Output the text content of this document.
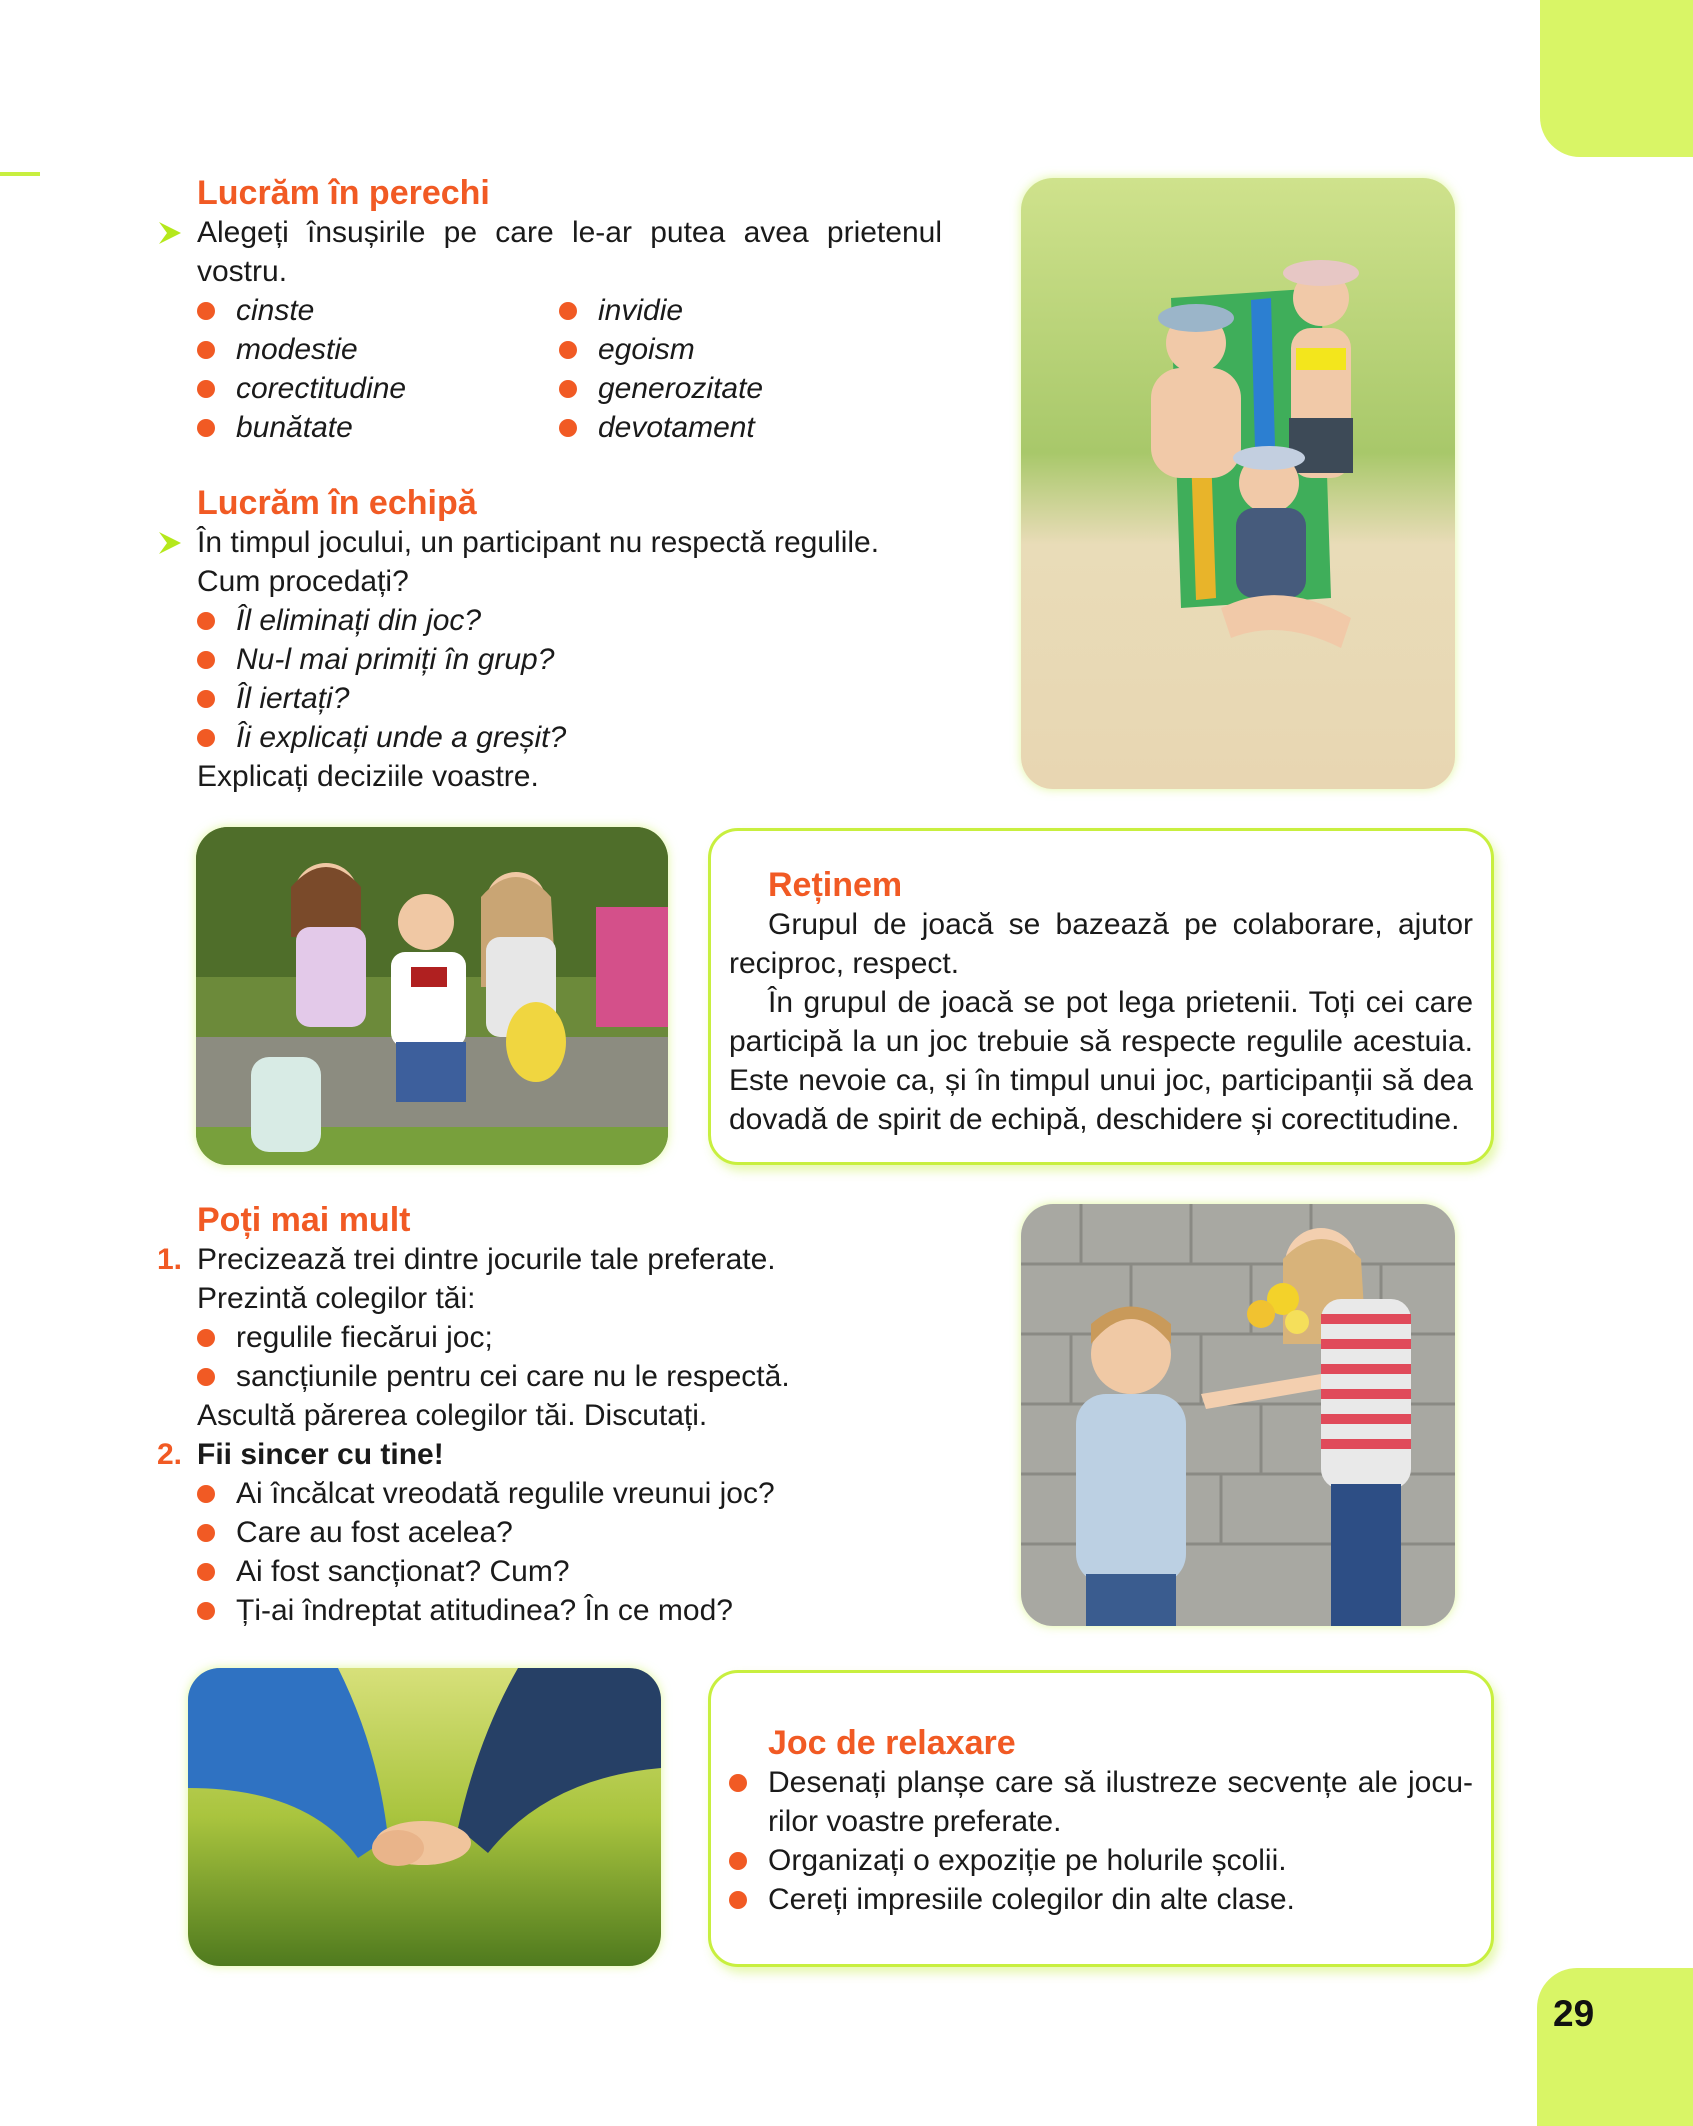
29
Lucrăm în perechi
Alegeți însușirile pe care le-ar putea avea prietenul
vostru.
cinste
modestie
corectitudine
bunătate
invidie
egoism
generozitate
devotament
Lucrăm în echipă
În timpul jocului, un participant nu respectă regulile.
Cum procedați?
Îl eliminați din joc?
Nu-l mai primiți în grup?
Îl iertați?
Îi explicați unde a greșit?
Explicați deciziile voastre.
Reținem
Grupul de joacă se bazează pe colaborare, ajutor
reciproc, respect.
În grupul de joacă se pot lega prietenii. Toți cei care
participă la un joc trebuie să respecte regulile acestuia.
Este nevoie ca, și în timpul unui joc, participanții să dea
dovadă de spirit de echipă, deschidere și corectitudine.
Poți mai mult
1. Precizează trei dintre jocurile tale preferate.
Prezintă colegilor tăi:
regulile fiecărui joc;
sancțiunile pentru cei care nu le respectă.
Ascultă părerea colegilor tăi. Discutați.
2. Fii sincer cu tine!
Ai încălcat vreodată regulile vreunui joc?
Care au fost acelea?
Ai fost sancționat? Cum?
Ți-ai îndreptat atitudinea? În ce mod?
Joc de relaxare
Desenați planșe care să ilustreze secvențe ale jocu-
rilor voastre preferate.
Organizați o expoziție pe holurile școlii.
Cereți impresiile colegilor din alte clase.
